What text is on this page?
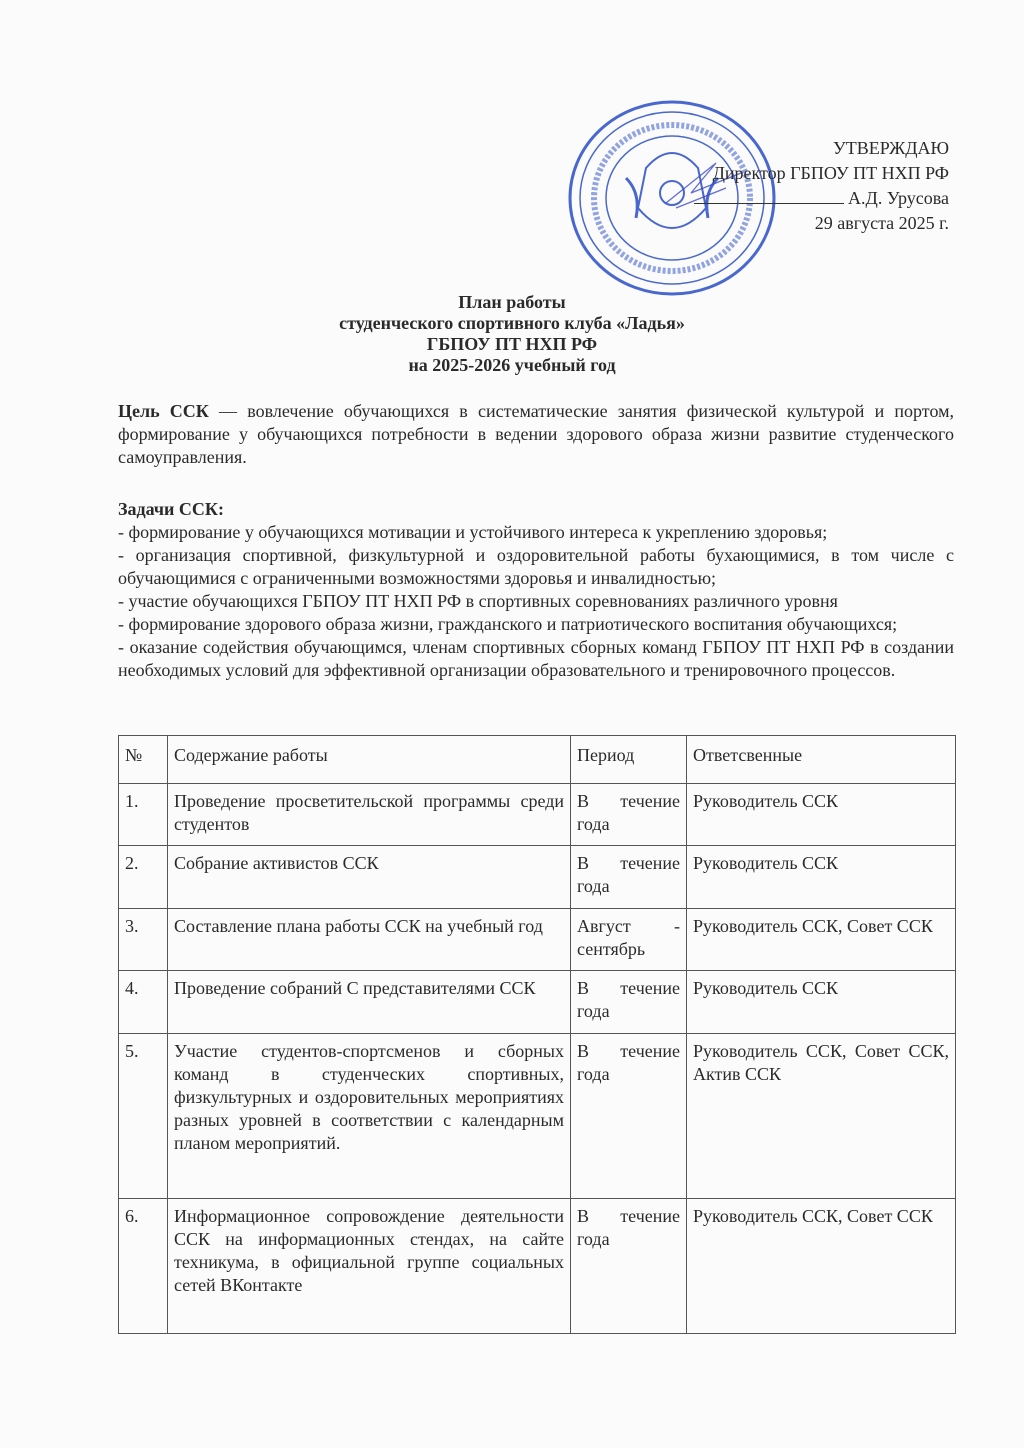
УТВЕРЖДАЮ
Директор ГБПОУ ПТ НХП РФ
А.Д. Урусова
29 августа 2025 г.
План работы
студенческого спортивного клуба «Ладья»
ГБПОУ ПТ НХП РФ
на 2025-2026 учебный год
Цель ССК — вовлечение обучающихся в систематические занятия физической культурой и портом, формирование у обучающихся потребности в ведении здорового образа жизни развитие студенческого самоуправления.

Задачи ССК:

- формирование у обучающихся мотивации и устойчивого интереса к укреплению здоровья;

- организация спортивной, физкультурной и оздоровительной работы бухающимися, в том числе с обучающимися с ограниченными возможностями здоровья и инвалидностью;

- участие обучающихся ГБПОУ ПТ НХП РФ в спортивных соревнованиях различного уровня

- формирование здорового образа жизни, гражданского и патриотического воспитания обучающихся;

- оказание содействия обучающимся, членам спортивных сборных команд ГБПОУ ПТ НХП РФ в создании необходимых условий для эффективной организации образовательного и тренировочного процессов.

№	Содержание работы	Период	Ответсвенные
1.	Проведение просветительской программы среди студентов	В течение года	Руководитель ССК
2.	Собрание активистов ССК	В течение года	Руководитель ССК
3.	Составление плана работы ССК на учебный год	Август - сентябрь	Руководитель ССК, Совет ССК
4.	Проведение собраний С представителями ССК	В течение года	Руководитель ССК
5.	Участие студентов-спортсменов и сборных команд в студенческих спортивных, физкультурных и оздоровительных мероприятиях разных уровней в соответствии с календарным планом мероприятий.	В течение года	Руководитель ССК, Совет ССК, Актив ССК
6.	Информационное сопровождение деятельности ССК на информационных стендах, на сайте техникума, в официальной группе социальных сетей ВКонтакте	В течение года	Руководитель ССК, Совет ССК
